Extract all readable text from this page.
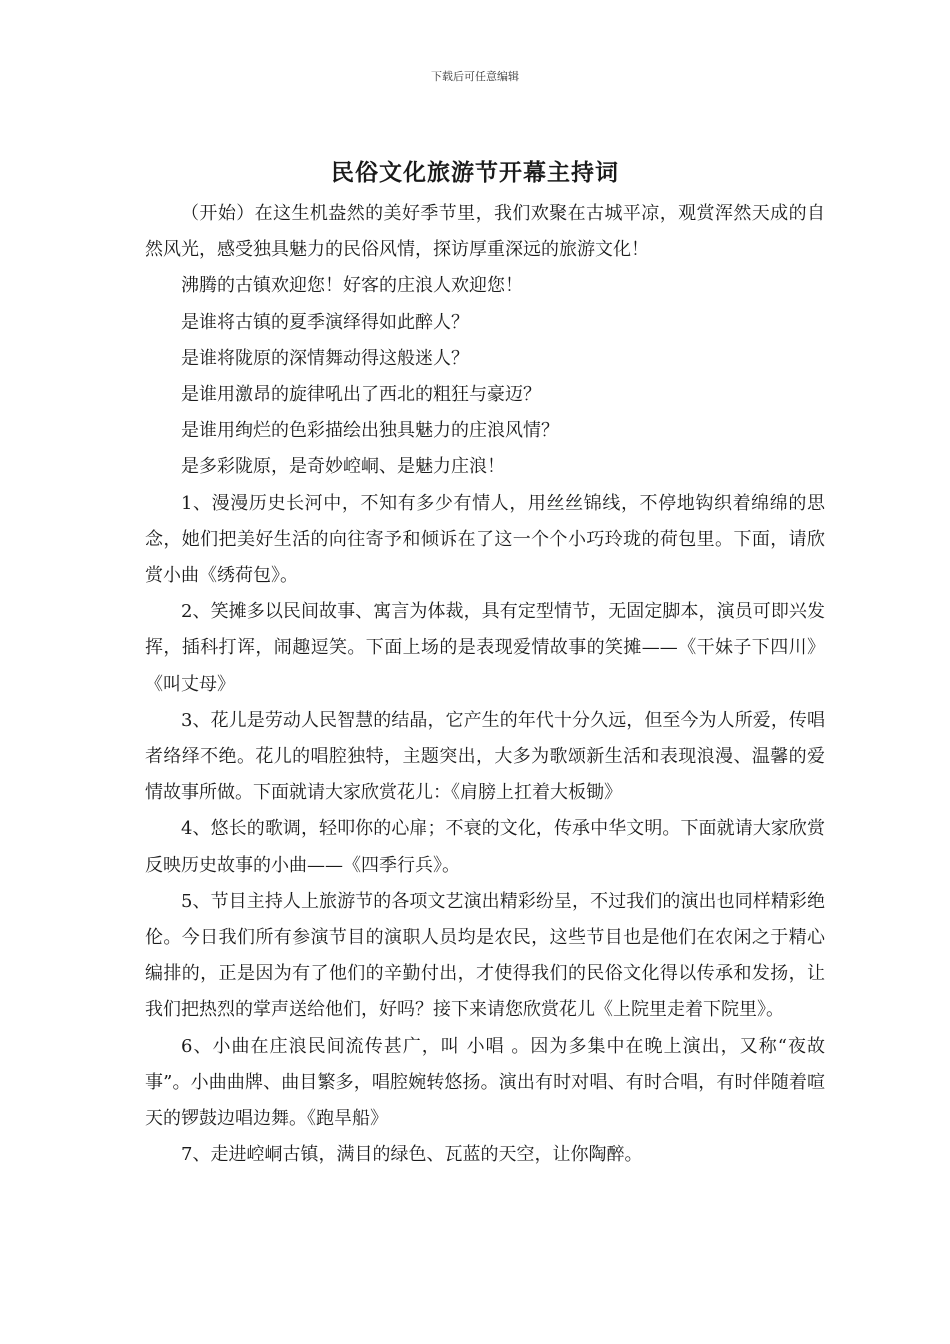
下载后可任意编辑
民俗文化旅游节开幕主持词

（开始）在这生机盎然的美好季节里，我们欢聚在古城平凉，观赏浑然天成的自然风光，感受独具魅力的民俗风情，探访厚重深远的旅游文化！

沸腾的古镇欢迎您！好客的庄浪人欢迎您！

是谁将古镇的夏季演绎得如此醉人？

是谁将陇原的深情舞动得这般迷人？

是谁用激昂的旋律吼出了西北的粗狂与豪迈？

是谁用绚烂的色彩描绘出独具魅力的庄浪风情？

是多彩陇原，是奇妙崆峒、是魅力庄浪！

1、漫漫历史长河中，不知有多少有情人，用丝丝锦线，不停地钩织着绵绵的思念，她们把美好生活的向往寄予和倾诉在了这一个个小巧玲珑的荷包里。下面，请欣赏小曲《绣荷包》。

2、笑摊多以民间故事、寓言为体裁，具有定型情节，无固定脚本，演员可即兴发挥，插科打诨，闹趣逗笑。下面上场的是表现爱情故事的笑摊——《干妹子下四川》《叫丈母》

3、花儿是劳动人民智慧的结晶，它产生的年代十分久远，但至今为人所爱，传唱者络绎不绝。花儿的唱腔独特，主题突出，大多为歌颂新生活和表现浪漫、温馨的爱情故事所做。下面就请大家欣赏花儿：《肩膀上扛着大板锄》

4、悠长的歌调，轻叩你的心扉；不衰的文化，传承中华文明。下面就请大家欣赏反映历史故事的小曲——《四季行兵》。

5、节目主持人上旅游节的各项文艺演出精彩纷呈，不过我们的演出也同样精彩绝伦。今日我们所有参演节目的演职人员均是农民，这些节目也是他们在农闲之于精心编排的，正是因为有了他们的辛勤付出，才使得我们的民俗文化得以传承和发扬，让我们把热烈的掌声送给他们，好吗？接下来请您欣赏花儿《上院里走着下院里》。

6、小曲在庄浪民间流传甚广，叫 小唱 。因为多集中在晚上演出，又称“夜故事”。小曲曲牌、曲目繁多，唱腔婉转悠扬。演出有时对唱、有时合唱，有时伴随着喧天的锣鼓边唱边舞。《跑旱船》

7、走进崆峒古镇，满目的绿色、瓦蓝的天空，让你陶醉。
